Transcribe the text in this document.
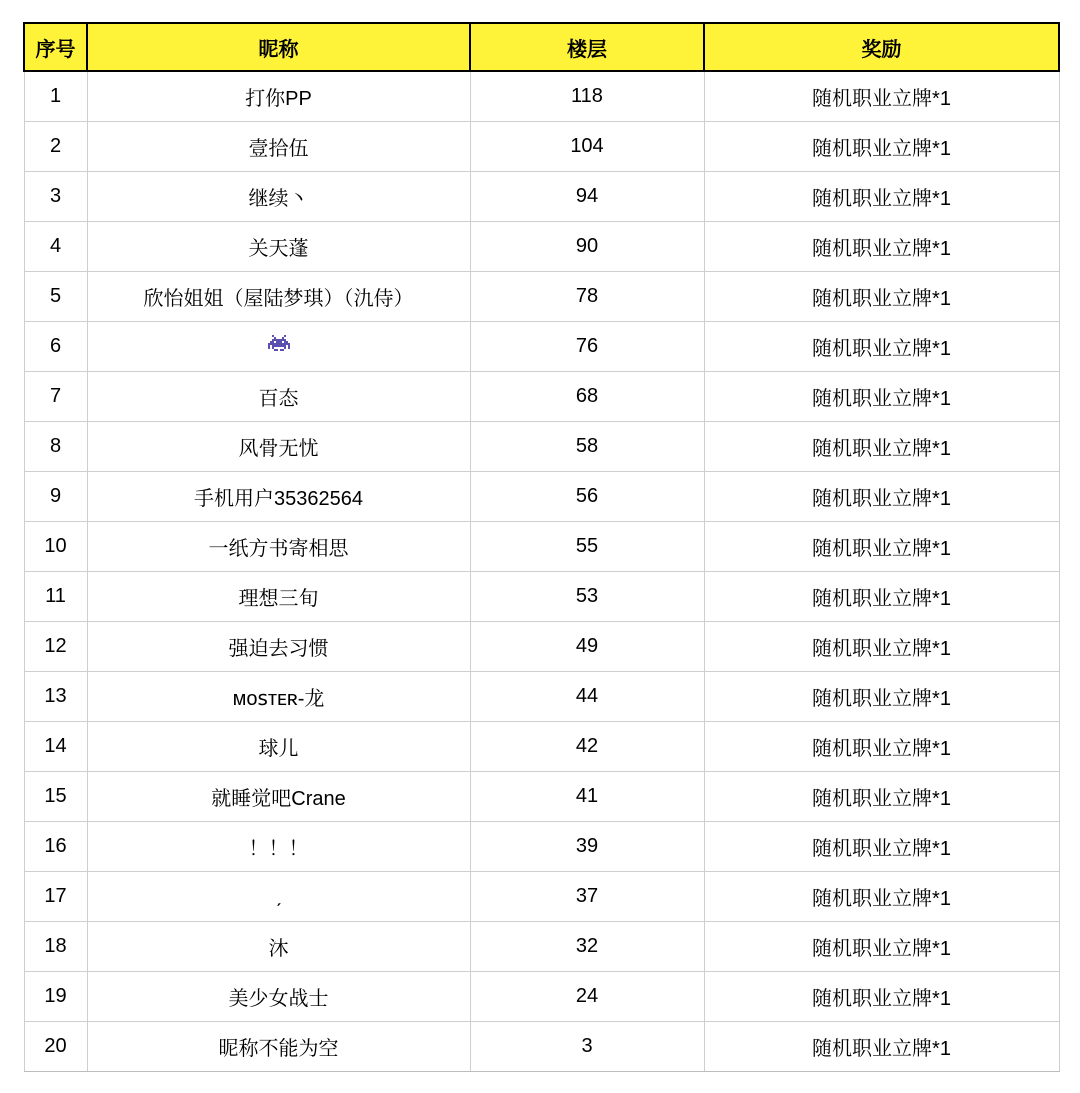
序号	昵称	楼层	奖励
1	打你PP	118	随机职业立牌*1
2	壹拾伍	104	随机职业立牌*1
3	继续丶	94	随机职业立牌*1
4	关天蓬	90	随机职业立牌*1
5	欣怡姐姐（屋陆梦琪）（氿侍）	78	随机职业立牌*1
6		76	随机职业立牌*1
7	百态	68	随机职业立牌*1
8	风骨无忧	58	随机职业立牌*1
9	手机用户35362564	56	随机职业立牌*1
10	一纸方书寄相思	55	随机职业立牌*1
11	理想三旬	53	随机职业立牌*1
12	强迫去习惯	49	随机职业立牌*1
13	ᴍᴏꜱᴛᴇʀ-龙	44	随机职业立牌*1
14	球儿	42	随机职业立牌*1
15	就睡觉吧Crane	41	随机职业立牌*1
16	！！！	39	随机职业立牌*1
17	ˏ	37	随机职业立牌*1
18	沐	32	随机职业立牌*1
19	美少女战士	24	随机职业立牌*1
20	昵称不能为空	3	随机职业立牌*1
